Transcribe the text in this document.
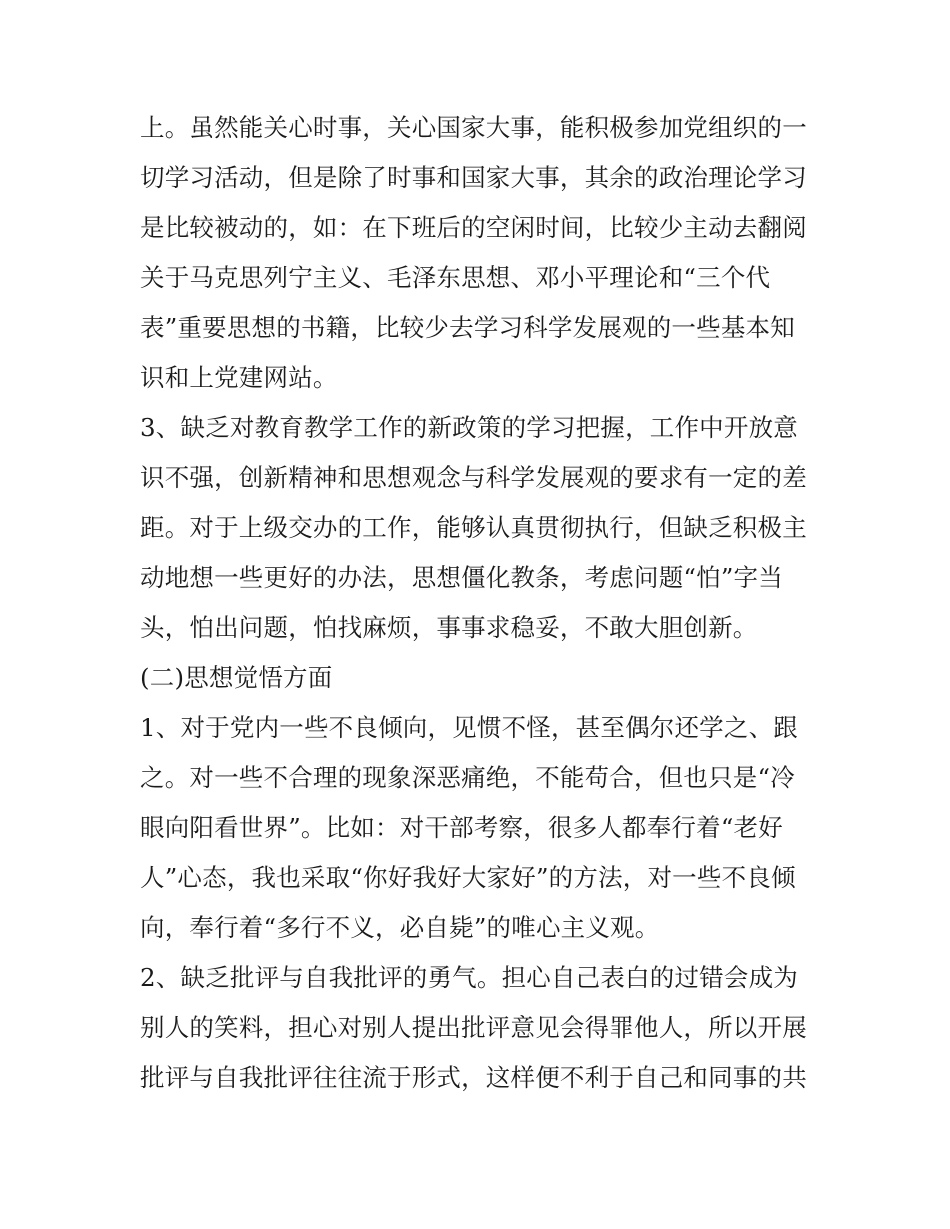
上。虽然能关心时事，关心国家大事，能积极参加党组织的一

切学习活动，但是除了时事和国家大事，其余的政治理论学习

是比较被动的，如：在下班后的空闲时间，比较少主动去翻阅

关于马克思列宁主义、毛泽东思想、邓小平理论和“三个代

表”重要思想的书籍，比较少去学习科学发展观的一些基本知

识和上党建网站。

3、缺乏对教育教学工作的新政策的学习把握，工作中开放意

识不强，创新精神和思想观念与科学发展观的要求有一定的差

距。对于上级交办的工作，能够认真贯彻执行，但缺乏积极主

动地想一些更好的办法，思想僵化教条，考虑问题“怕”字当

头，怕出问题，怕找麻烦，事事求稳妥，不敢大胆创新。

(二)思想觉悟方面

1、对于党内一些不良倾向，见惯不怪，甚至偶尔还学之、跟

之。对一些不合理的现象深恶痛绝，不能苟合，但也只是“冷

眼向阳看世界”。比如：对干部考察，很多人都奉行着“老好

人”心态，我也采取“你好我好大家好”的方法，对一些不良倾

向，奉行着“多行不义，必自毙”的唯心主义观。

2、缺乏批评与自我批评的勇气。担心自己表白的过错会成为

别人的笑料，担心对别人提出批评意见会得罪他人，所以开展

批评与自我批评往往流于形式，这样便不利于自己和同事的共
